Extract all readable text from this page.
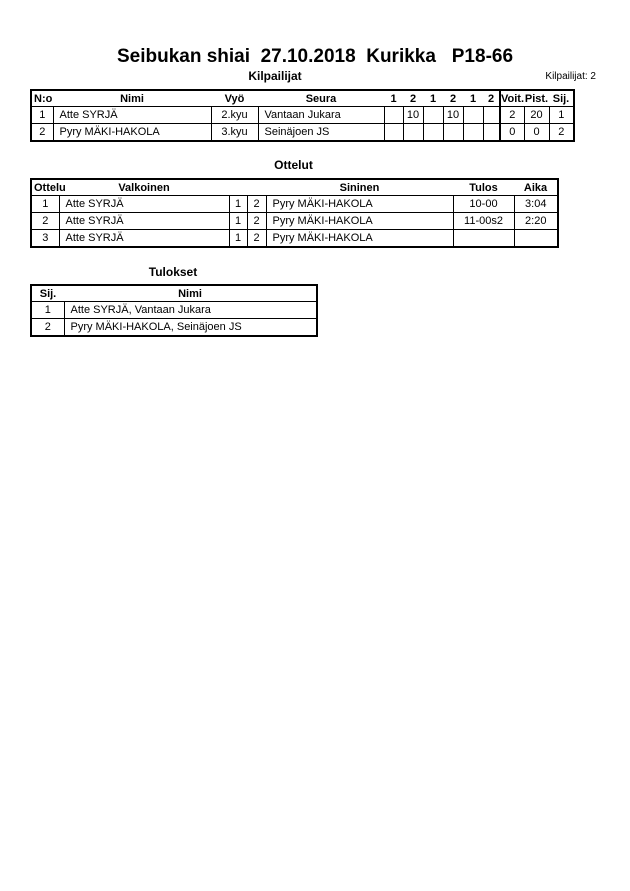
Seibukan shiai  27.10.2018  Kurikka   P18-66
Kilpailijat	Kilpailijat: 2
N:o	Nimi	Vyö	Seura	1	2	1	2	1	2	Voit.	Pist.	Sij.
1	Atte SYRJÄ	2.kyu	Vantaan Jukara		10		10			2	20	1
2	Pyry MÄKI-HAKOLA	3.kyu	Seinäjoen JS							0	0	2
Ottelut
Ottelu	Valkoinen			Sininen	Tulos	Aika
1	Atte SYRJÄ	1	2	Pyry MÄKI-HAKOLA	10-00	3:04
2	Atte SYRJÄ	1	2	Pyry MÄKI-HAKOLA	11-00s2	2:20
3	Atte SYRJÄ	1	2	Pyry MÄKI-HAKOLA		
Tulokset
Sij.	Nimi
1	Atte SYRJÄ, Vantaan Jukara
2	Pyry MÄKI-HAKOLA, Seinäjoen JS
